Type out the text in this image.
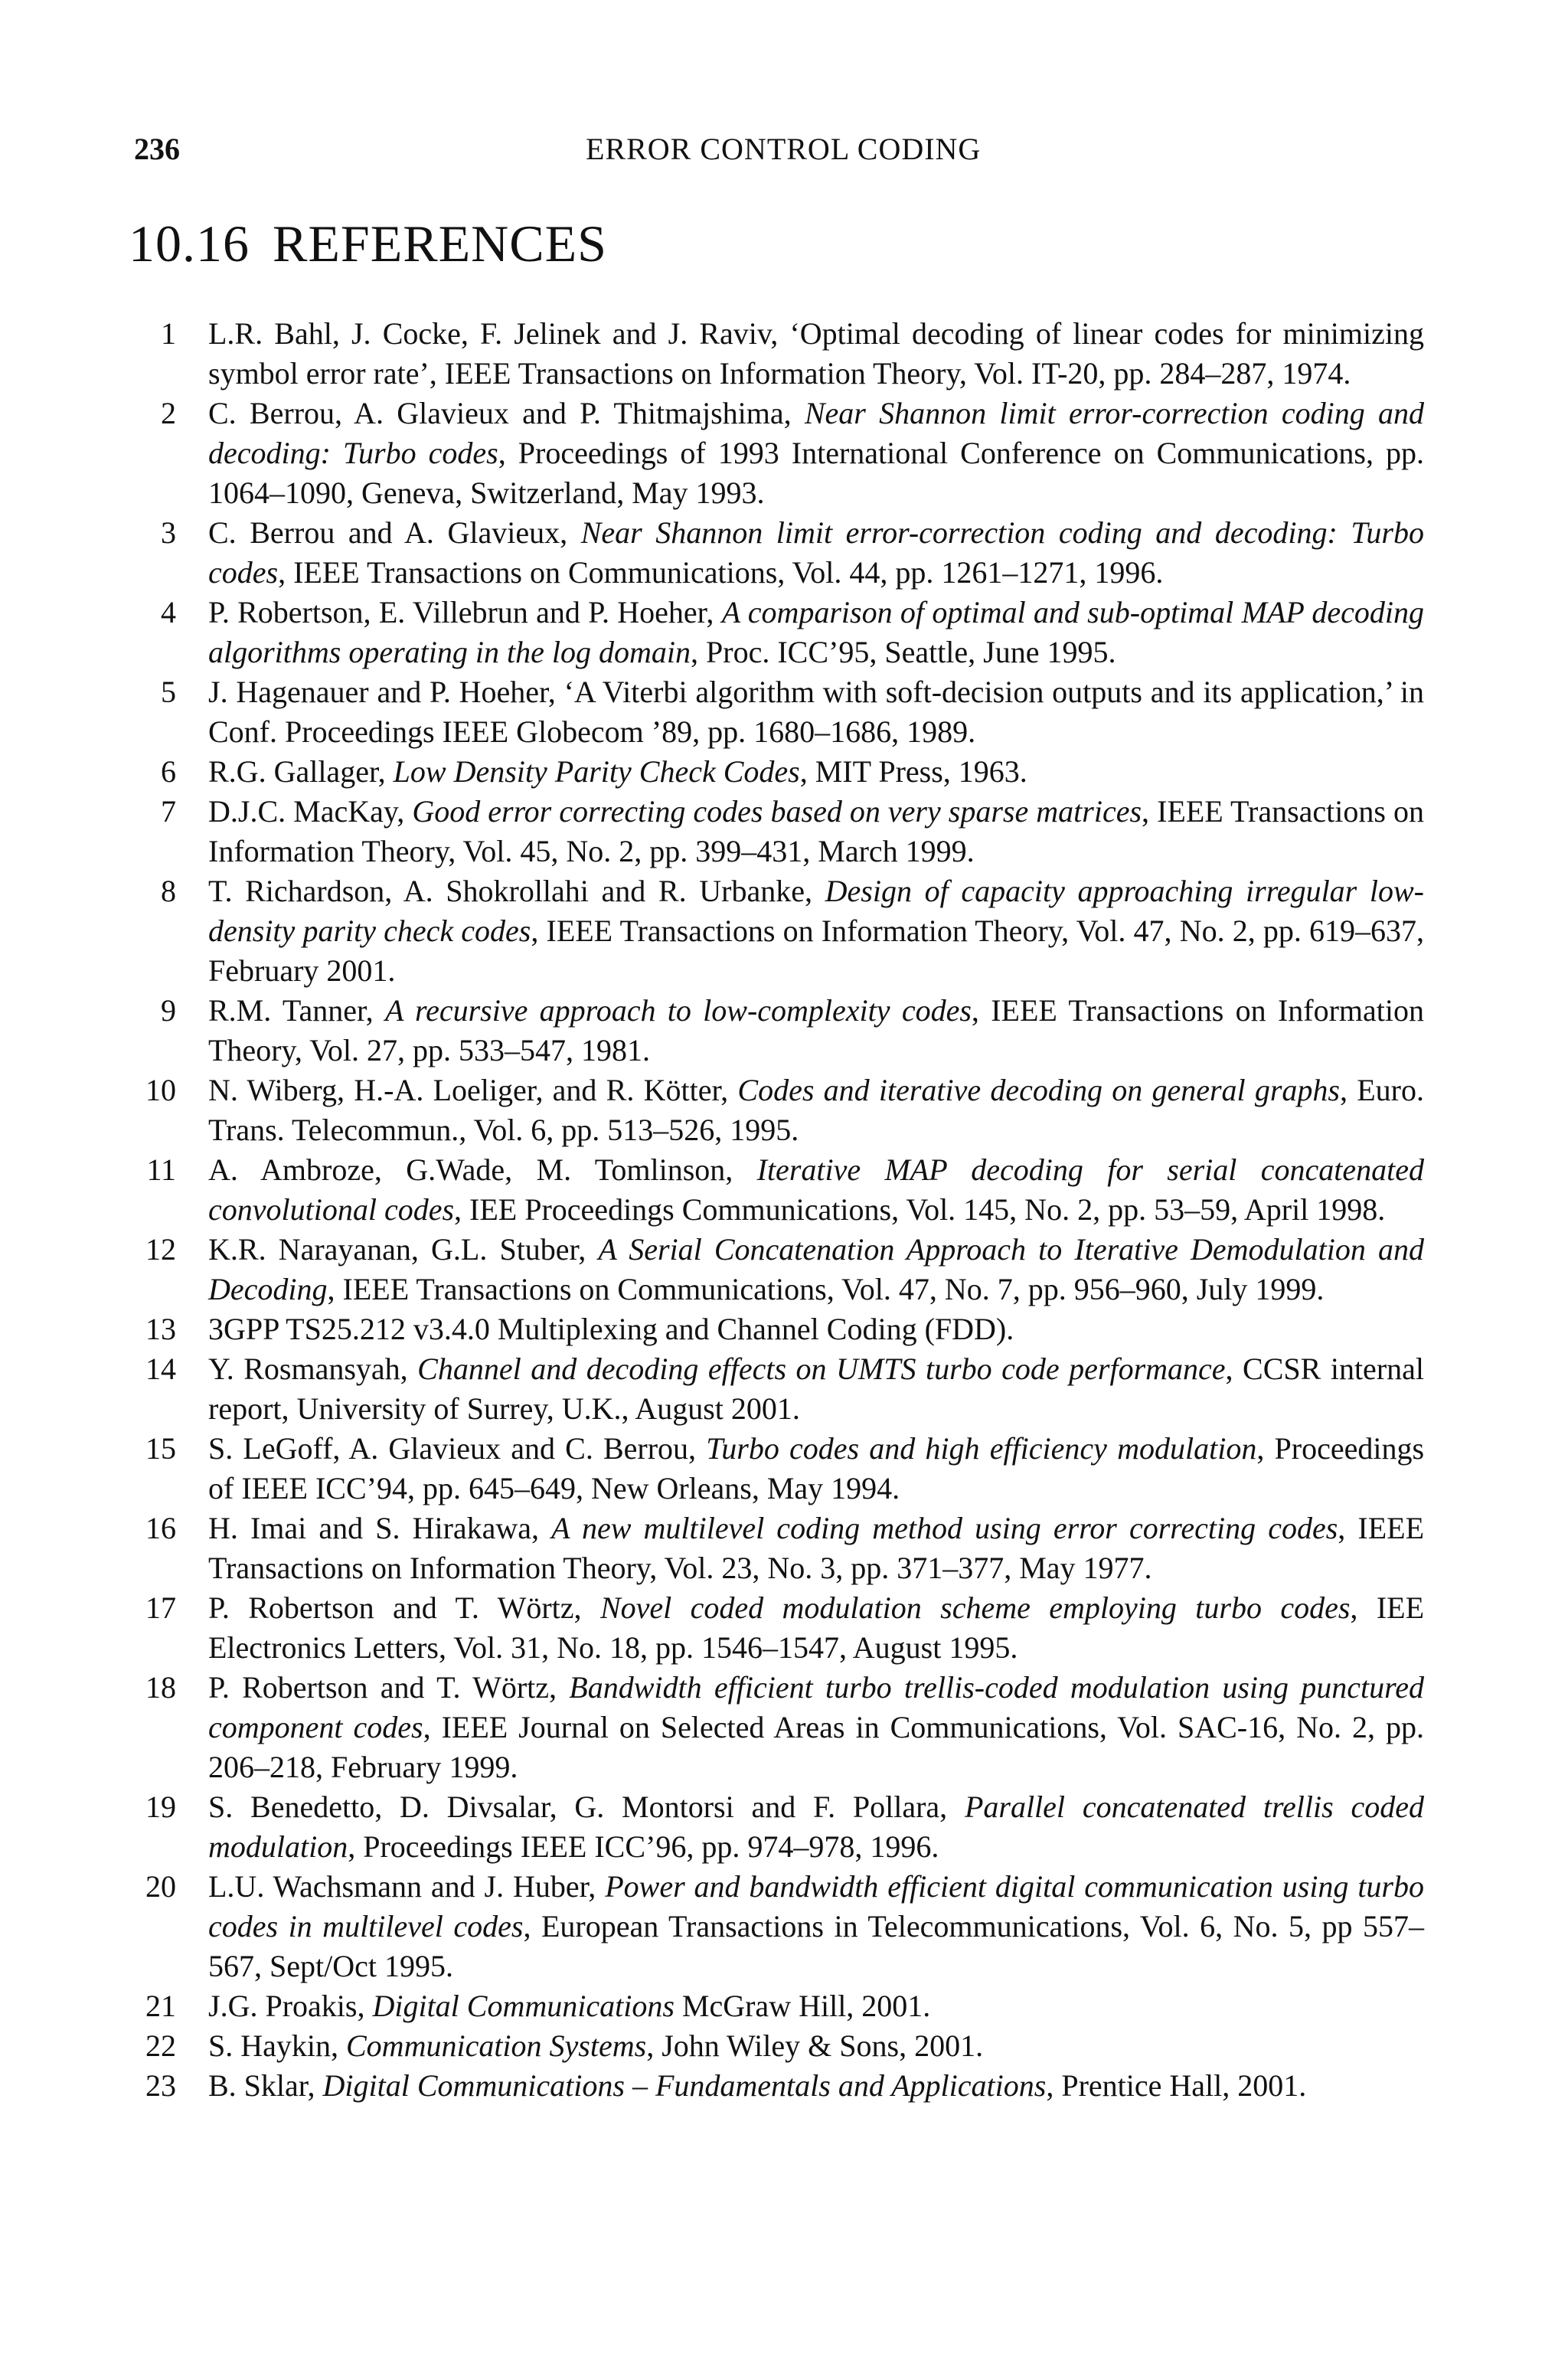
236	ERROR CONTROL CODING
10.16 REFERENCES

1 L.R. Bahl, J. Cocke, F. Jelinek and J. Raviv, ‘Optimal decoding of linear codes for minimizing symbol error rate’, IEEE Transactions on Information Theory, Vol. IT-20, pp. 284–287, 1974.

2 C. Berrou, A. Glavieux and P. Thitmajshima, Near Shannon limit error-correction coding and decoding: Turbo codes, Proceedings of 1993 International Conference on Communications, pp. 1064–1090, Geneva, Switzerland, May 1993.

3 C. Berrou and A. Glavieux, Near Shannon limit error-correction coding and decoding: Turbo codes, IEEE Transactions on Communications, Vol. 44, pp. 1261–1271, 1996.

4 P. Robertson, E. Villebrun and P. Hoeher, A comparison of optimal and sub-optimal MAP decoding algorithms operating in the log domain, Proc. ICC’95, Seattle, June 1995.

5 J. Hagenauer and P. Hoeher, ‘A Viterbi algorithm with soft-decision outputs and its application,’ in Conf. Proceedings IEEE Globecom ’89, pp. 1680–1686, 1989.

6 R.G. Gallager, Low Density Parity Check Codes, MIT Press, 1963.

7 D.J.C. MacKay, Good error correcting codes based on very sparse matrices, IEEE Transactions on Information Theory, Vol. 45, No. 2, pp. 399–431, March 1999.

8 T. Richardson, A. Shokrollahi and R. Urbanke, Design of capacity approaching irregular low-density parity check codes, IEEE Transactions on Information Theory, Vol. 47, No. 2, pp. 619–637, February 2001.

9 R.M. Tanner, A recursive approach to low-complexity codes, IEEE Transactions on Information Theory, Vol. 27, pp. 533–547, 1981.

10 N. Wiberg, H.-A. Loeliger, and R. Kötter, Codes and iterative decoding on general graphs, Euro. Trans. Telecommun., Vol. 6, pp. 513–526, 1995.

11 A. Ambroze, G.Wade, M. Tomlinson, Iterative MAP decoding for serial concatenated convolutional codes, IEE Proceedings Communications, Vol. 145, No. 2, pp. 53–59, April 1998.

12 K.R. Narayanan, G.L. Stuber, A Serial Concatenation Approach to Iterative Demodulation and Decoding, IEEE Transactions on Communications, Vol. 47, No. 7, pp. 956–960, July 1999.

13 3GPP TS25.212 v3.4.0 Multiplexing and Channel Coding (FDD).

14 Y. Rosmansyah, Channel and decoding effects on UMTS turbo code performance, CCSR internal report, University of Surrey, U.K., August 2001.

15 S. LeGoff, A. Glavieux and C. Berrou, Turbo codes and high efficiency modulation, Proceedings of IEEE ICC’94, pp. 645–649, New Orleans, May 1994.

16 H. Imai and S. Hirakawa, A new multilevel coding method using error correcting codes, IEEE Transactions on Information Theory, Vol. 23, No. 3, pp. 371–377, May 1977.

17 P. Robertson and T. Wörtz, Novel coded modulation scheme employing turbo codes, IEE Electronics Letters, Vol. 31, No. 18, pp. 1546–1547, August 1995.

18 P. Robertson and T. Wörtz, Bandwidth efficient turbo trellis-coded modulation using punctured component codes, IEEE Journal on Selected Areas in Communications, Vol. SAC-16, No. 2, pp. 206–218, February 1999.

19 S. Benedetto, D. Divsalar, G. Montorsi and F. Pollara, Parallel concatenated trellis coded modulation, Proceedings IEEE ICC’96, pp. 974–978, 1996.

20 L.U. Wachsmann and J. Huber, Power and bandwidth efficient digital communication using turbo codes in multilevel codes, European Transactions in Telecommunications, Vol. 6, No. 5, pp 557–567, Sept/Oct 1995.

21 J.G. Proakis, Digital Communications McGraw Hill, 2001.

22 S. Haykin, Communication Systems, John Wiley & Sons, 2001.

23 B. Sklar, Digital Communications – Fundamentals and Applications, Prentice Hall, 2001.
